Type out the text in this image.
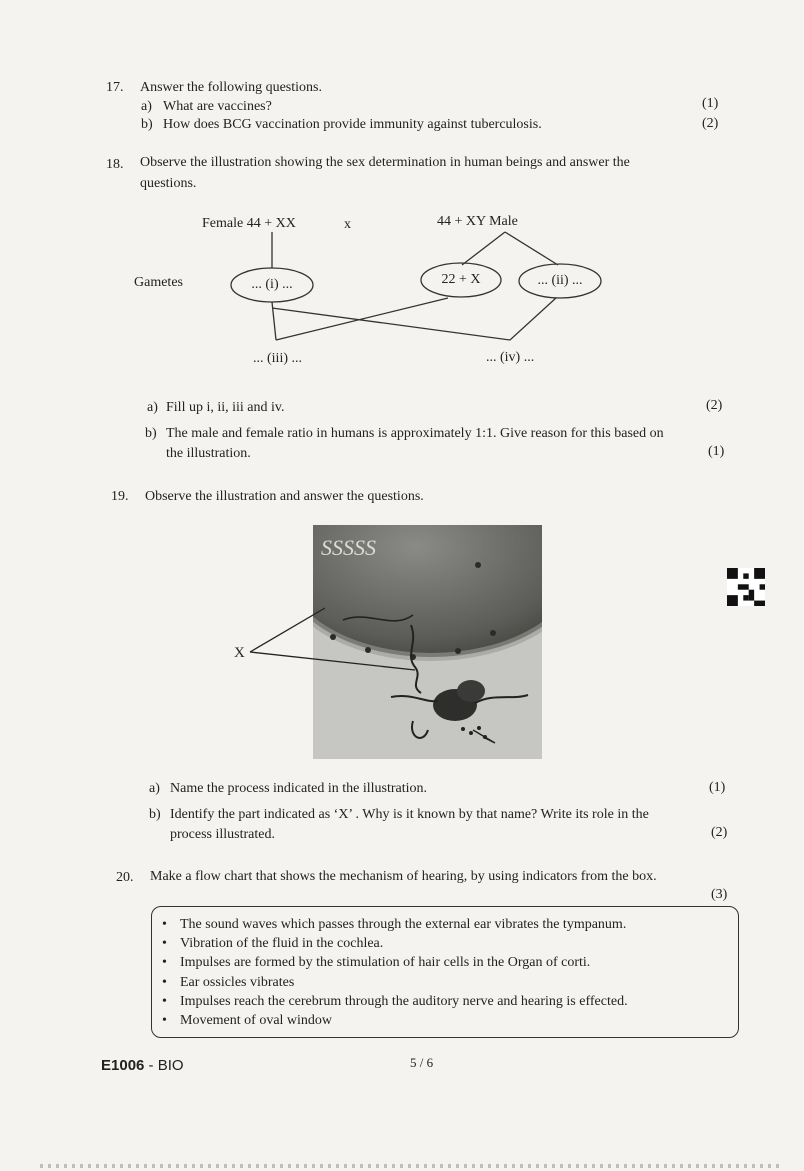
17. Answer the following questions.
a) What are vaccines?	(1)
b) How does BCG vaccination provide immunity against tuberculosis.	(2)
18. Observe the illustration showing the sex determination in human beings and answer the
questions.
Female 44 + XX	x	44 + XY Male
Gametes	... (i) ...	22 + X	... (ii) ...
... (iii) ...	... (iv) ...
a) Fill up i, ii, iii and iv.	(2)
b) The male and female ratio in humans is approximately 1:1. Give reason for this based on
the illustration.	(1)
19. Observe the illustration and answer the questions.
SSSSS
X
a) Name the process indicated in the illustration.	(1)
b) Identify the part indicated as ‘X’ . Why is it known by that name? Write its role in the
process illustrated.	(2)
20. Make a flow chart that shows the mechanism of hearing, by using indicators from the box.
(3)
• The sound waves which passes through the external ear vibrates the tympanum.
• Vibration of the fluid in the cochlea.
• Impulses are formed by the stimulation of hair cells in the Organ of corti.
• Ear ossicles vibrates
• Impulses reach the cerebrum through the auditory nerve and hearing is effected.
• Movement of oval window
E1006 - BIO	5 / 6
